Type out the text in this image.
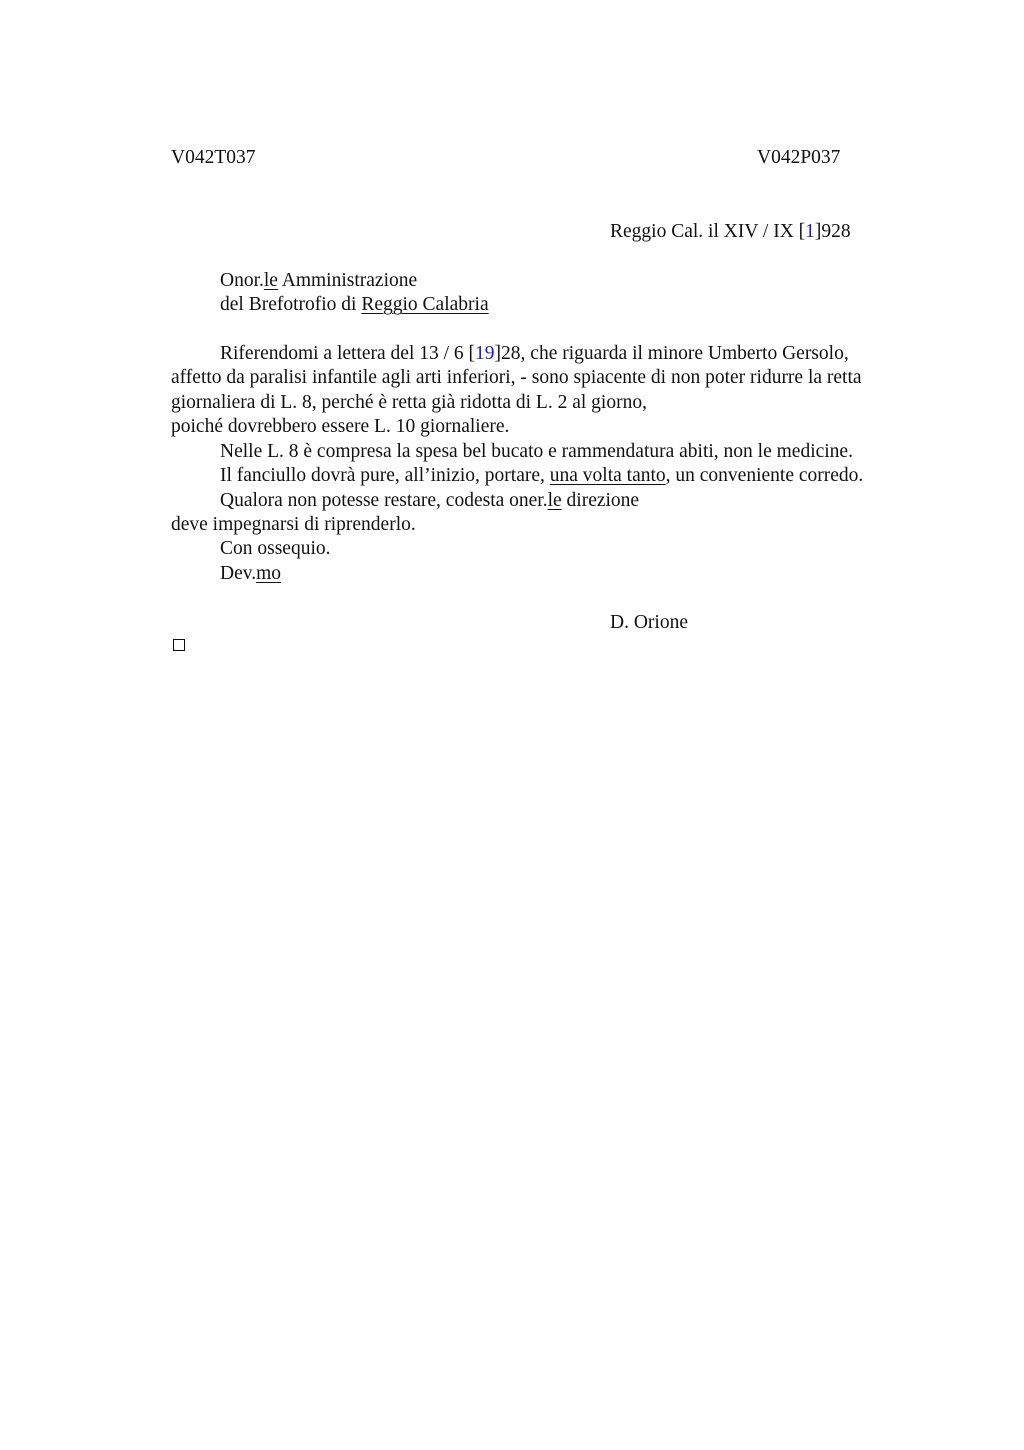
V042T037	V042P037
Reggio Cal. il XIV / IX [1]928
Onor.le Amministrazione
del Brefotrofio di Reggio Calabria
Riferendomi a lettera del 13 / 6 [19]28, che riguarda il minore Umberto Gersolo,
affetto da paralisi infantile agli arti inferiori, - sono spiacente di non poter ridurre la retta
giornaliera di L. 8, perché è retta già ridotta di L. 2 al giorno,
poiché dovrebbero essere L. 10 giornaliere.
Nelle L. 8 è compresa la spesa bel bucato e rammendatura abiti, non le medicine.
Il fanciullo dovrà pure, all’inizio, portare, una volta tanto, un conveniente corredo.
Qualora non potesse restare, codesta oner.le direzione
deve impegnarsi di riprenderlo.
Con ossequio.
Dev.mo
D. Orione
